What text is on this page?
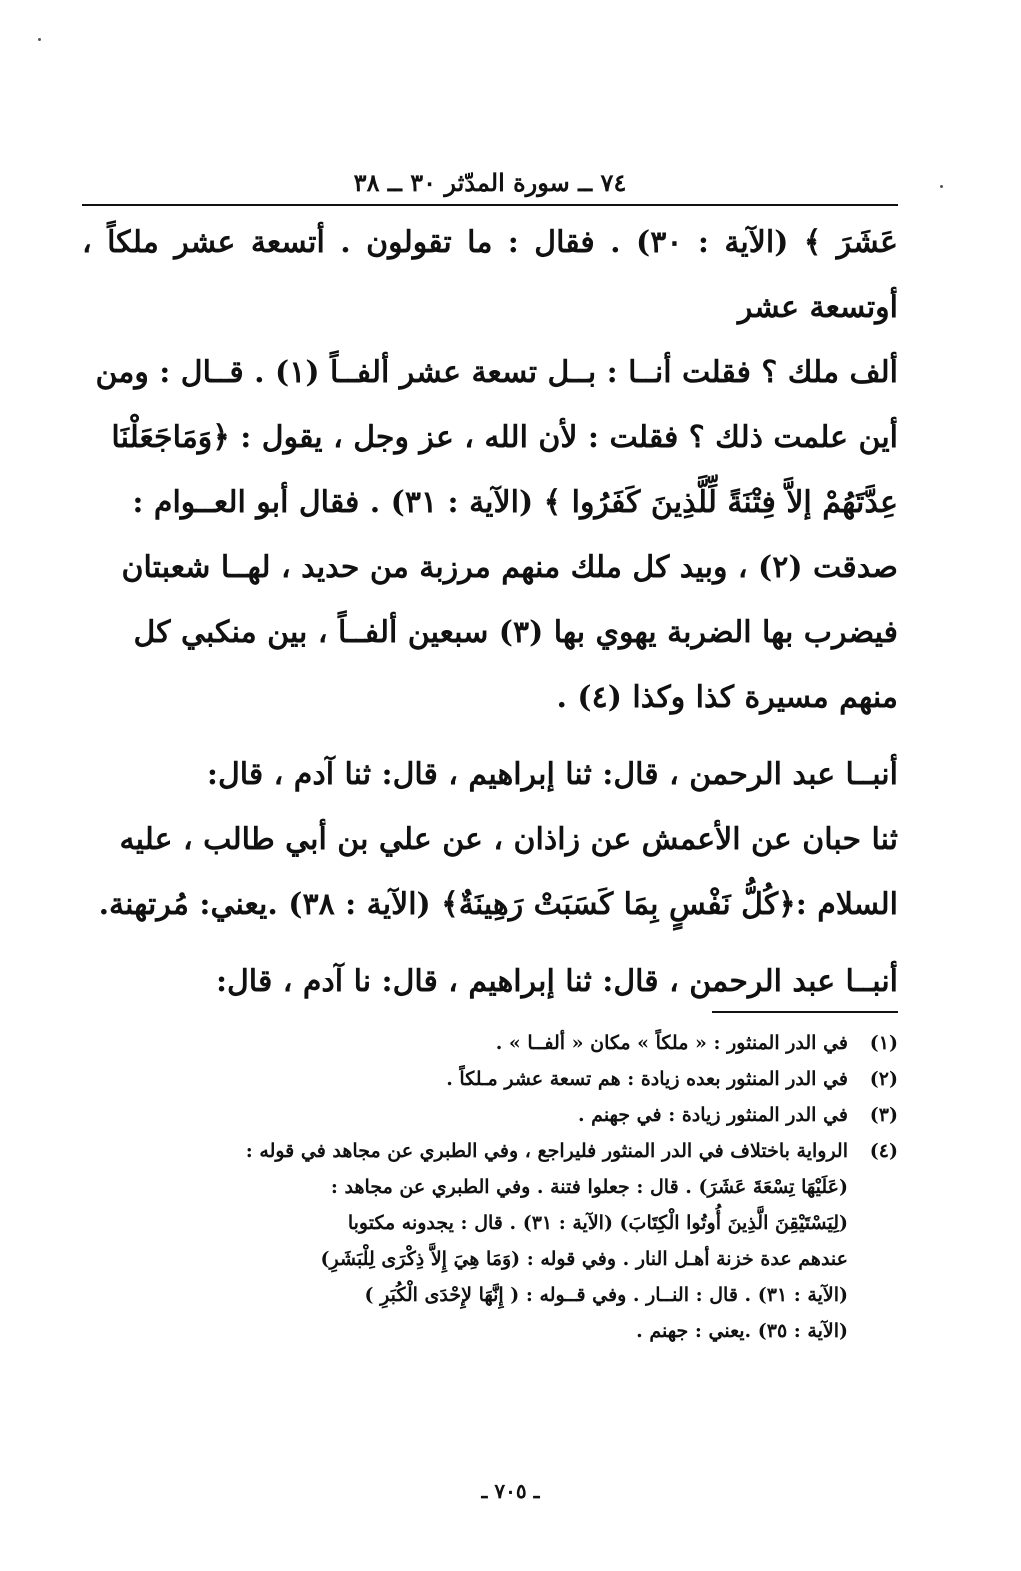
٧٤ ــ سورة المدّثر ٣٠ ــ ٣٨

عَشَرَ ﴾ (الآية : ٣٠) . فقال : ما تقولون . أتسعة عشر ملكاً ، أوتسعة عشر
ألف ملك ؟ فقلت أنــا : بــل تسعة عشر ألفــاً (١) . قــال : ومن
أين علمت ذلك ؟ فقلت : لأن الله ، عز وجل ، يقول : ﴿وَمَاجَعَلْنَا
عِدَّتَهُمْ إلاَّ فِتْنَةً لِّلَّذِينَ كَفَرُوا ﴾ (الآية : ٣١) . فقال أبو العــوام :
صدقت (٢) ، وبيد كل ملك منهم مرزبة من حديد ، لهــا شعبتان
فيضرب بها الضربة يهوي بها (٣) سبعين ألفــاً ، بين منكبي كل
منهم مسيرة كذا وكذا (٤) .

أنبــا عبد الرحمن ، قال: ثنا إبراهيم ، قال: ثنا آدم ، قال:
ثنا حبان عن الأعمش عن زاذان ، عن علي بن أبي طالب ، عليه
السلام :﴿كُلُّ نَفْسٍ بِمَا كَسَبَتْ رَهِينَةٌ﴾ (الآية : ٣٨) .يعني: مُرتهنة.

أنبــا عبد الرحمن ، قال: ثنا إبراهيم ، قال: نا آدم ، قال:

(١)
في الدر المنثور : « ملكاً » مكان « ألفــا » .
(٢)
في الدر المنثور بعده زيادة : هم تسعة عشر مـلكاً .
(٣)
في الدر المنثور زيادة : في جهنم .
(٤)
الرواية باختلاف في الدر المنثور فليراجع ، وفي الطبري عن مجاهد في قوله :
(عَلَيْهَا تِسْعَةَ عَشَرَ) . قال : جعلوا فتنة . وفي الطبري عن مجاهد :
(لِيَسْتَيْقِنَ الَّذِينَ أُوتُوا الْكِتَابَ) (الآية : ٣١) . قال : يجدونه مكتوبا
عندهم عدة خزنة أهـل النار . وفي قوله : (وَمَا هِيَ إِلاَّ ذِكْرَى لِلْبَشَرِ)
(الآية : ٣١) . قال : النــار . وفي قــوله : ( إِنَّهَا لإِحْدَى الْكُبَرِ )
(الآية : ٣٥) .يعني : جهنم .
ـ ٧٠٥ ـ
